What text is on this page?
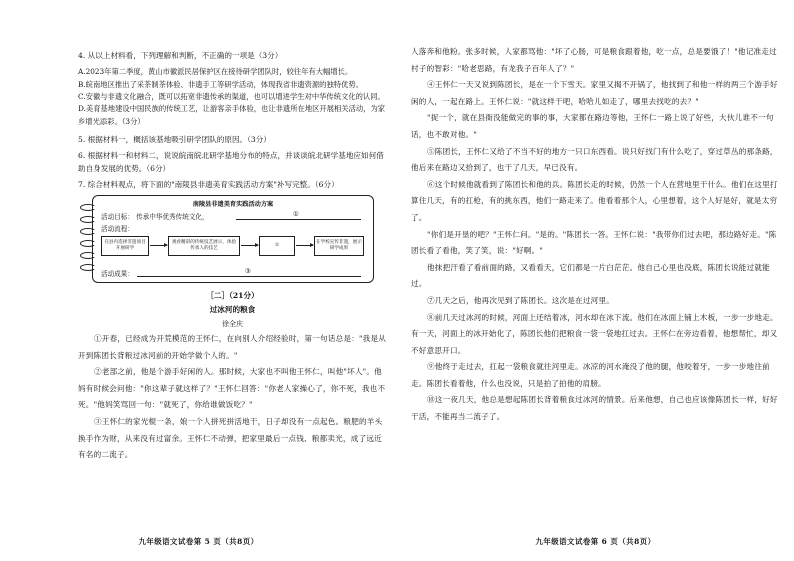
4. 从以上材料看，下列理解和判断，不正确的一项是（3分）

A.2023年第二季度，黄山市徽派民居保护区在接待研学团队时，较往年有大幅增长。

B.皖南地区推出了采茶制茶体验、非遗手工等研学活动，体现我省非遗资源的独特优势。

C.安徽与非遗文化融合，既可以拓宽非遗传承的渠道，也可以增进学生对中华传统文化的认同。

D.美育基地建设中国民族的传统工艺，让游客亲手体验，也让非遗所在地区开展相关活动，为家乡增光添彩。（3分）

5. 根据材料一，概括该基地吸引研学团队的原因。（3分）

6. 根据材料一和材料二，说说皖南皖北研学基地分布的特点，并谈谈皖北研学基地应如何借助自身发展的优势。（6分）

7. 综合材料观点，将下面的"南陵县非遗美育实践活动方案"补写完整。（6分）

南陵县非遗美育实践活动方案
活动目标： 传承中华优秀传统文化，	①
活动流程：
在县内选择非遗项目开展研学
观看精彩的传统技艺展示，体验传承人的技艺
②
在学校宣传非遗，展示研学成果
活动成果：	③

［二］（21分）

过冰河的粮食

徐全庆

①开春，已经成为开荒模范的王怀仁，在向别人介绍经验时，第一句话总是："我是从开到陈团长背粮过冰河前的开始学做个人的。"

②老部之前，他是个游手好闲的人。那时候，大家也不叫他王怀仁，叫他"坏人"。他妈有时候会问他："你这辈子就这样了？"王怀仁回答："你老人家操心了，你不死，我也不死。"他妈笑骂回一句："就死了，你给谁做饭吃？"

③王怀仁的家光棍一条，娘一个人拼死拼活地干，日子却没有一点起色。粮肥的羊头换手作为财，从来没有过富余。王怀仁不动弹，把家里最后一点钱、粮都卖光，成了远近有名的二流子。

九年级语文试卷第 5 页（共8页）

人落奔和他粉。张多时候，人家都骂他："坏了心肠，可是粮食跟着他，吃一点，总是要饿了！"他记准走过村子的智彩："哈老思路，有龙我子百年人了？"

④王怀仁一天又说到陈团长，是在一个下雪天。家里又揭不开锅了，他找到了和他一样的两三个游手好闲的人，一起在路上。王怀仁说："就这样干吧，哈哈儿如走了，哪里去找吃的去？"

"捉一个，就在县衙没能做完的事的事，大家都在路边等他，王怀仁一路上说了好些，大伙儿谁不一句话，也不敢对他。"

⑤陈团长，王怀仁又给了不当不好的地方一只口东西看。说只好找门有什么吃了，穿过草丛的那条路，他后来在路边又拾到了，也干了几天，早已没有。

⑥这个时候他就看到了陈团长和他的兵。陈团长走的时候，仍然一个人在营地里干什么。他们在这里打算住几天，有的扛枪，有的挑东西，他们一路走来了。他看着那个人，心里想着，这个人好是好，就是太穷了。

"你们是开垦的吧？"王怀仁问。"是的。"陈团长一答。王怀仁说："我带你们过去吧，那边路好走。"陈团长看了看他，笑了笑，说："好啊。"

他抹把汗看了看前面的路，又看看天，它们都是一片白茫茫。他自己心里也没底，陈团长说能过就能过。

⑦几天之后，他再次见到了陈团长。这次是在过河里。

⑧前几天过冰河的时候，河面上还结着冰，河水却在冰下流。他们在冰面上铺上木板，一步一步地走。有一天，河面上的冰开始化了，陈团长他们把粮食一袋一袋地扛过去。王怀仁在旁边看着，他想帮忙，却又不好意思开口。

⑨他终于走过去，扛起一袋粮食就往河里走。冰凉的河水淹没了他的腿，他咬着牙，一步一步地往前走。陈团长看着他，什么也没说，只是拍了拍他的肩膀。

⑩这一夜几天，他总是想起陈团长背着粮食过冰河的情景。后来他想，自己也应该像陈团长一样，好好干活，不能再当二流子了。

九年级语文试卷第 6 页（共8页）
